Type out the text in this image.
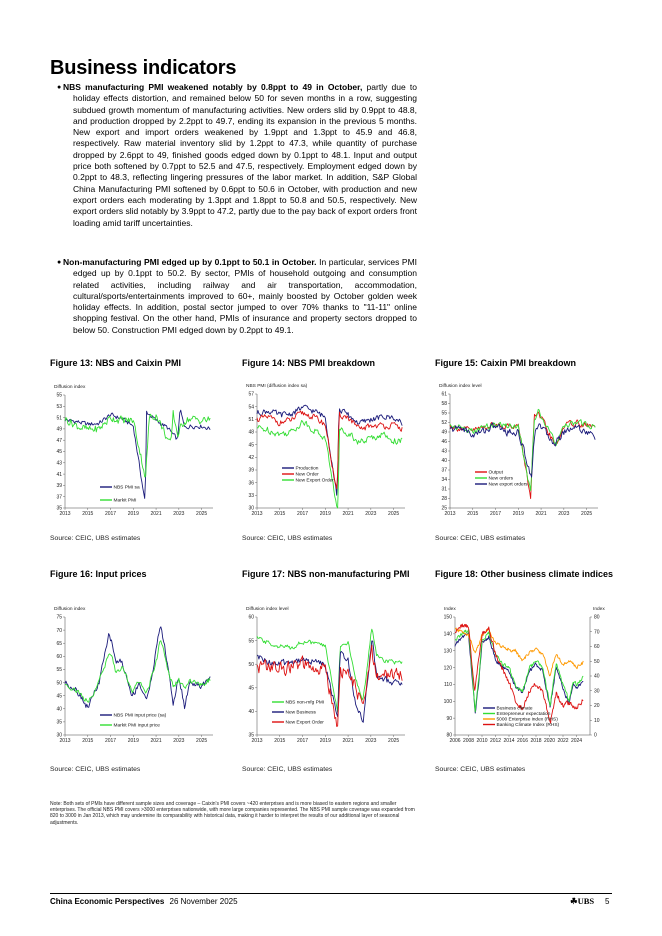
Business indicators
● NBS manufacturing PMI weakened notably by 0.8ppt to 49 in October, partly due to holiday effects distortion, and remained below 50 for seven months in a row, suggesting subdued growth momentum of manufacturing activities. New orders slid by 0.9ppt to 48.8, and production dropped by 2.2ppt to 49.7, ending its expansion in the previous 5 months. New export and import orders weakened by 1.9ppt and 1.3ppt to 45.9 and 46.8, respectively. Raw material inventory slid by 1.2ppt to 47.3, while quantity of purchase dropped by 2.6ppt to 49, finished goods edged down by 0.1ppt to 48.1. Input and output price both softened by 0.7ppt to 52.5 and 47.5, respectively. Employment edged down by 0.2ppt to 48.3, reflecting lingering pressures of the labor market. In addition, S&P Global China Manufacturing PMI softened by 0.6ppt to 50.6 in October, with production and new export orders each moderating by 1.3ppt and 1.8ppt to 50.8 and 50.5, respectively. New export orders slid notably by 3.9ppt to 47.2, partly due to the pay back of export orders front loading amid tariff uncertainties.
● Non-manufacturing PMI edged up by 0.1ppt to 50.1 in October. In particular, services PMI edged up by 0.1ppt to 50.2. By sector, PMIs of household outgoing and consumption related activities, including railway and air transportation, accommodation, cultural/sports/entertainments improved to 60+, mainly boosted by October golden week holiday effects. In addition, postal sector jumped to over 70% thanks to "11-11" online shopping festival. On the other hand, PMIs of insurance and property sectors dropped to below 50. Construction PMI edged down by 0.2ppt to 49.1.
Figure 13: NBS and Caixin PMI	Figure 14: NBS PMI breakdown	Figure 15: Caixin PMI breakdown
Figure 16: Input prices	Figure 17: NBS non-manufacturing PMI	Figure 18: Other business climate indices
Diffusion index
35
37
39
41
43
45
47
49
51
53
55
2013 2015 2017 2019 2021 2023 2025
NBS PMI sa
Markit PMI
NBS PMI (diffusion index sa)
30
33
36
39
42
45
48
51
54
57
2013 2015 2017 2019 2021 2023 2025
Production
New Order
New Export Order
Diffusion index level
25
28
31
34
37
40
43
46
49
52
55
58
61
2013 2015 2017 2019 2021 2023 2025
Output
New orders
New export orders
Diffusion index
30
35
40
45
50
55
60
65
70
75
2013 2015 2017 2019 2021 2023 2025
NBS PMI input price (sa)
Markit PMI input price
Diffusion index level
35
40
45
50
55
60
2013 2015 2017 2019 2021 2023 2025
NBS non-mfg PMI
New Business
New Export Order
Index	Index
80
90
100
110
120
130
140
150
0
10
20
30
40
50
60
70
80
2006 2008 2010 2012 2014 2016 2018 2020 2022 2024
Business climate
Entrepreneur expectation
5000 Enterprise index (RHS)
Banking Climate Index (RHS)
Source: CEIC, UBS estimates	Source: CEIC, UBS estimates	Source: CEIC, UBS estimates
Source: CEIC, UBS estimates	Source: CEIC, UBS estimates	Source: CEIC, UBS estimates
Note: Both sets of PMIs have different sample sizes and coverage – Caixin's PMI covers ~420 enterprises and is more biased to eastern regions and smaller enterprises. The official NBS PMI covers >3000 enterprises nationwide, with more large companies represented. The NBS PMI sample coverage was expanded from 820 to 3000 in Jan 2013, which may undermine its comparability with historical data, making it harder to interpret the results of our additional layer of seasonal adjustments.
China Economic Perspectives 26 November 2025	☘UBS 5
